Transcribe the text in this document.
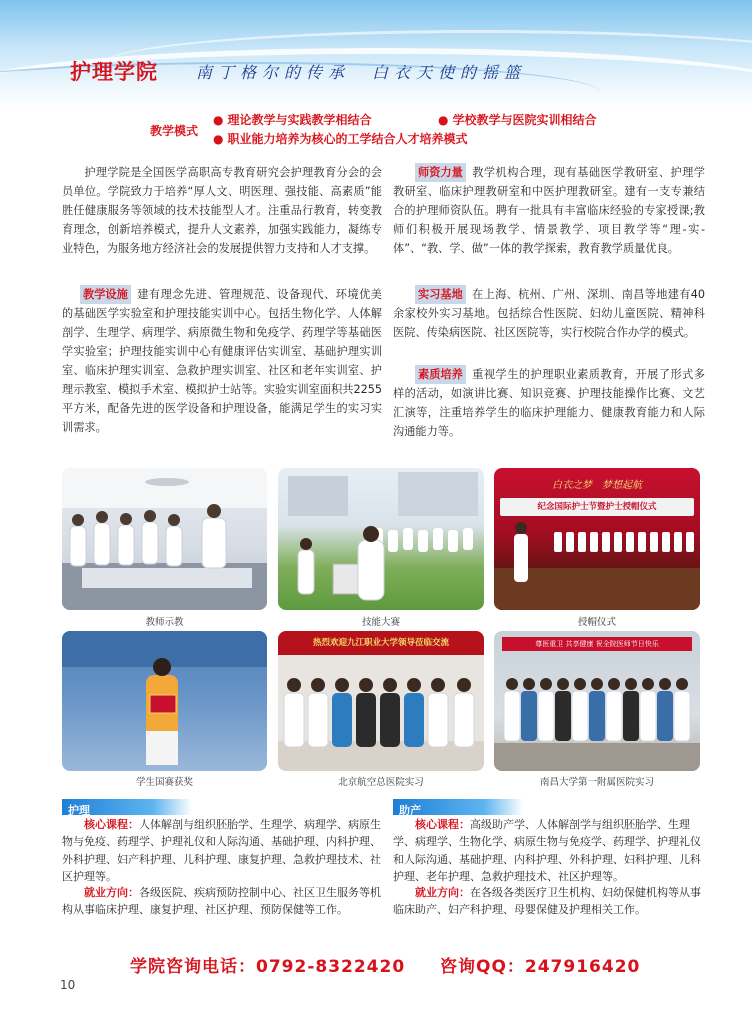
护理学院 南丁格尔的传承　白衣天使的摇篮
教学模式
● 理论教学与实践教学相结合	● 学校教学与医院实训相结合
● 职业能力培养为核心的工学结合人才培养模式
护理学院是全国医学高职高专教育研究会护理教育分会的会员单位。学院致力于培养“厚人文、明医理、强技能、高素质”能胜任健康服务等领域的技术技能型人才。注重品行教育，转变教育理念，创新培养模式，提升人文素养，加强实践能力，凝练专业特色，为服务地方经济社会的发展提供智力支持和人才支撑。
教学设施 建有理念先进、管理规范、设备现代、环境优美的基础医学实验室和护理技能实训中心。包括生物化学、人体解剖学、生理学、病理学、病原微生物和免疫学、药理学等基础医学实验室；护理技能实训中心有健康评估实训室、基础护理实训室、临床护理实训室、急救护理实训室、社区和老年实训室、护理示教室、模拟手术室、模拟护士站等。实验实训室面积共2255平方米，配备先进的医学设备和护理设备，能满足学生的实习实训需求。
师资力量 教学机构合理，现有基础医学教研室、护理学教研室、临床护理教研室和中医护理教研室。建有一支专兼结合的护理师资队伍。聘有一批具有丰富临床经验的专家授课;教师们积极开展现场教学、情景教学、项目教学等“理-实-体”、“教、学、做”一体的教学探索，教育教学质量优良。
实习基地 在上海、杭州、广州、深圳、南昌等地建有40余家校外实习基地。包括综合性医院、妇幼儿童医院、精神科医院、传染病医院、社区医院等，实行校院合作办学的模式。
素质培养 重视学生的护理职业素质教育，开展了形式多样的活动，如演讲比赛、知识竞赛、护理技能操作比赛、文艺汇演等，注重培养学生的临床护理能力、健康教育能力和人际沟通能力等。
教师示教	技能大赛
白衣之梦　梦想起航
纪念国际护士节暨护士授帽仪式
授帽仪式
学生国赛获奖
热烈欢迎九江职业大学领导莅临交流
北京航空总医院实习
尊医重卫 共享健康 祝全院医师节日快乐
南昌大学第一附属医院实习
护理
核心课程：人体解剖与组织胚胎学、生理学、病理学、病原生物与免疫、药理学、护理礼仪和人际沟通、基础护理、内科护理、外科护理、妇产科护理、儿科护理、康复护理、急救护理技术、社区护理等。
就业方向：各级医院、疾病预防控制中心、社区卫生服务等机构从事临床护理、康复护理、社区护理、预防保健等工作。
助产
核心课程：高级助产学、人体解剖学与组织胚胎学、生理学、病理学、生物化学、病原生物与免疫学、药理学、护理礼仪和人际沟通、基础护理、内科护理、外科护理、妇科护理、儿科护理、老年护理、急救护理技术、社区护理等。
就业方向：在各级各类医疗卫生机构、妇幼保健机构等从事临床助产、妇产科护理、母婴保健及护理相关工作。
学院咨询电话：0792-8322420 咨询QQ：247916420
10
